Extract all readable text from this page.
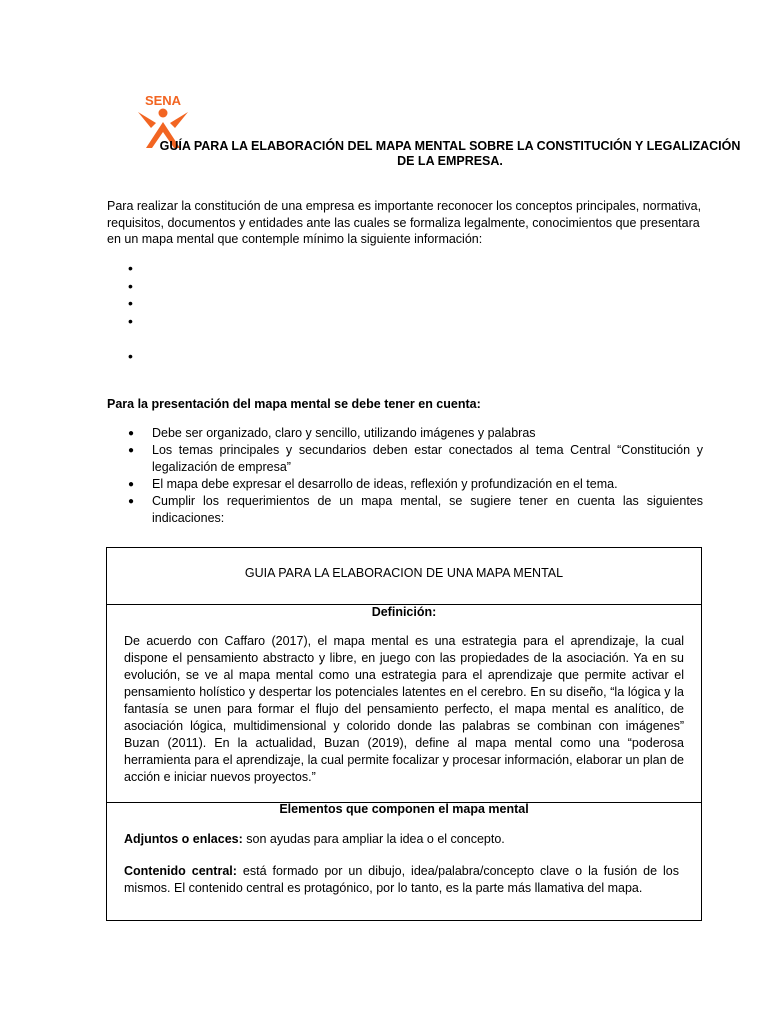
SENA
GUÍA PARA LA ELABORACIÓN DEL MAPA MENTAL SOBRE LA CONSTITUCIÓN Y LEGALIZACIÓN DE LA EMPRESA.
Para realizar la constitución de una empresa es importante reconocer los conceptos principales, normativa, requisitos, documentos y entidades ante las cuales se formaliza legalmente, conocimientos que presentara en un mapa mental que contemple mínimo la siguiente información:
•
•
•
•
•
Para la presentación del mapa mental se debe tener en cuenta:
● Debe ser organizado, claro y sencillo, utilizando imágenes y palabras
● Los temas principales y secundarios deben estar conectados al tema Central “Constitución y legalización de empresa”
● El mapa debe expresar el desarrollo de ideas, reflexión y profundización en el tema.
● Cumplir los requerimientos de un mapa mental, se sugiere tener en cuenta las siguientes indicaciones:
GUIA PARA LA ELABORACION DE UNA MAPA MENTAL
Definición:
De acuerdo con Caffaro (2017), el mapa mental es una estrategia para el aprendizaje, la cual dispone el pensamiento abstracto y libre, en juego con las propiedades de la asociación. Ya en su evolución, se ve al mapa mental como una estrategia para el aprendizaje que permite activar el pensamiento holístico y despertar los potenciales latentes en el cerebro. En su diseño, “la lógica y la fantasía se unen para formar el flujo del pensamiento perfecto, el mapa mental es analítico, de asociación lógica, multidimensional y colorido donde las palabras se combinan con imágenes” Buzan (2011). En la actualidad, Buzan (2019), define al mapa mental como una “poderosa herramienta para el aprendizaje, la cual permite focalizar y procesar información, elaborar un plan de acción e iniciar nuevos proyectos.”
Elementos que componen el mapa mental
Adjuntos o enlaces: son ayudas para ampliar la idea o el concepto.
Contenido central: está formado por un dibujo, idea/palabra/concepto clave o la fusión de los mismos. El contenido central es protagónico, por lo tanto, es la parte más llamativa del mapa.
